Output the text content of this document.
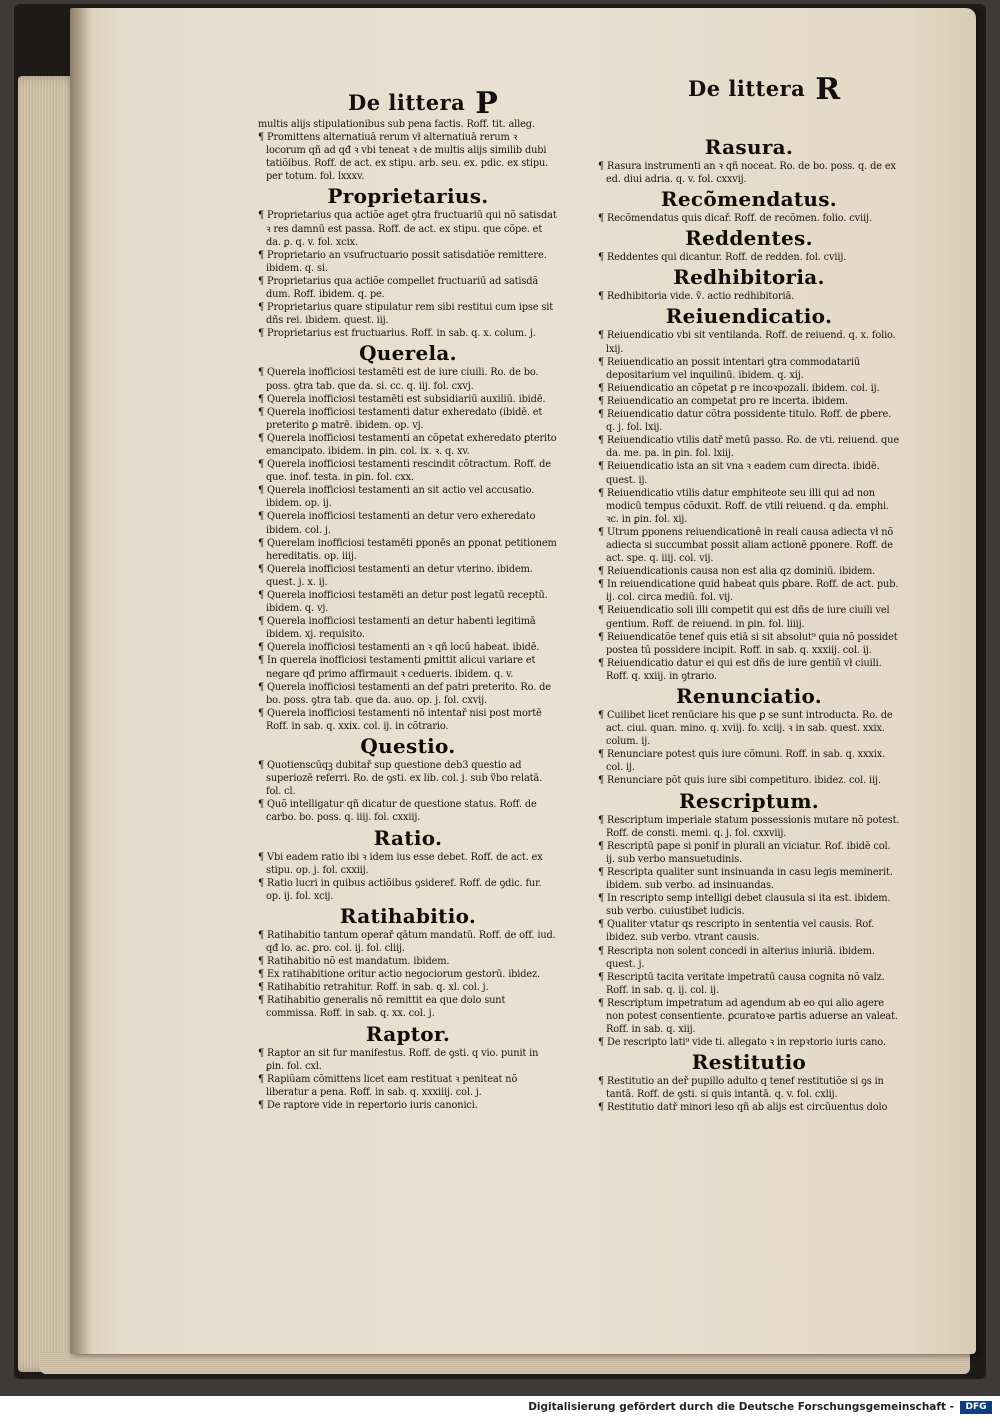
De littera P	De littera R
multis alijs stipulationibus sub pena factis. Roff. tit. alleg.
¶ Promittens alternatiuā rerum vł alternatiuā rerum ꝛ locorum qñ ad qđ ꝛ vbi teneat ꝛ de multis alijs similib dubi tatiõibus. Roff. de act. ex stipu. arb. seu. ex. pdic. ex stipu. per totum. fol. lxxxv.
Proprietarius.
¶ Proprietarius qua actiõe aget ꝯtra fructuariū qui nõ satisdat ꝛ res damnū est passa. Roff. de act. ex stipu. que cõpe. et da. ꝑ. q. v. fol. xcix.
¶ Proprietario an vsufructuario possit satisdatiõe remittere. ibidem. q. si.
¶ Proprietarius qua actiõe compellet fructuariū ad satisdã dum. Roff. ibidem. q. pe.
¶ Proprietarius quare stipulatur rem sibi restitui cum ipse sit dñs rei. ibidem. quest. iij.
¶ Proprietarius est fructuarius. Roff. in sab. q. x. colum. j.
Querela.
¶ Querela inofficiosi testamēti est de iure ciuili. Ro. de bo. poss. ꝯtra tab. que da. si. cc. q. iij. fol. cxvj.
¶ Querela inofficiosi testamēti est subsidiariū auxiliū. ibidē.
¶ Querela inofficiosi testamenti datur exheredato (ibidē. et preterito ꝑ matrē. ibidem. op. vj.
¶ Querela inofficiosi testamenti an cõpetat exheredato ꝑterito emancipato. ibidem. in ꝑin. col. ix. ꝛ. q. xv.
¶ Querela inofficiosi testamenti rescindit cõtractum. Roff. de que. inof. testa. in ꝑin. fol. cxx.
¶ Querela inofficiosi testamenti an sit actio vel accusatio. ibidem. op. ij.
¶ Querela inofficiosi testamenti an detur vero exheredato ibidem. col. j.
¶ Querelam inofficiosi testamēti ꝑponēs an ꝑponat petitionem hereditatis. op. iiij.
¶ Querela inofficiosi testamenti an detur vterino. ibidem. quest. j. x. ij.
¶ Querela inofficiosi testamēti an detur post legatū receptū. ibidem. q. vj.
¶ Querela inofficiosi testamenti an detur habenti legitimā ibidem. xj. requisito.
¶ Querela inofficiosi testamenti an ꝛ qñ locū habeat. ibidē.
¶ In querela inofficiosi testamenti ꝑmittit alicui variare et negare qđ primo affirmauit ꝛ cedueris. ibidem. q. v.
¶ Querela inofficiosi testamenti an def patri preterito. Ro. de bo. poss. ꝯtra tab. que da. auo. op. j. fol. cxvij.
¶ Querela inofficiosi testamenti nõ intentař nisi post mortē Roff. in sab. q. xxix. col. ij. in cõtrario.
Questio.
¶ Quotienscūqꝫ dubitař sup questione deb3 questio ad superiozē referri. Ro. de ꝯsti. ex lib. col. j. sub ṽbo relatā. fol. cl.
¶ Quõ intelligatur qñ dicatur de questione status. Roff. de carbo. bo. poss. q. iiij. fol. cxxiij.
Ratio.
¶ Vbi eadem ratio ibi ꝛ idem ius esse debet. Roff. de act. ex stipu. op. j. fol. cxxiij.
¶ Ratio lucri in quibus actiõibus ꝯsideref. Roff. de ꝯdic. fur. op. ij. fol. xcij.
Ratihabitio.
¶ Ratihabitio tantum operař qātum mandatū. Roff. de off. iud. qđ lo. ac. ꝑro. col. ij. fol. cliij.
¶ Ratihabitio nõ est mandatum. ibidem.
¶ Ex ratihabitione oritur actio negociorum gestorū. ibidez.
¶ Ratihabitio retrahitur. Roff. in sab. q. xl. col. j.
¶ Ratihabitio generalis nõ remittit ea que dolo sunt commissa. Roff. in sab. q. xx. col. j.
Raptor.
¶ Raptor an sit fur manifestus. Roff. de ꝯsti. q vio. punit in ꝑin. fol. cxl.
¶ Rapiũam cõmittens licet eam restituat ꝛ peniteat nõ liberatur a pena. Roff. in sab. q. xxxiiij. col. j.
¶ De raptore vide in repertorio iuris canonici.
Rasura.
¶ Rasura instrumenti an ꝛ qñ noceat. Ro. de bo. poss. q. de ex ed. diui adria. q. v. fol. cxxvij.
Recõmendatus.
¶ Recõmendatus quis dicař. Roff. de recõmen. folio. cviij.
Reddentes.
¶ Reddentes qui dicantur. Roff. de redden. fol. cviij.
Redhibitoria.
¶ Redhibitoria vide. ṽ. actio redhibitoriā.
Reiuendicatio.
¶ Reiuendicatio vbi sit ventilanda. Roff. de reiuend. q. x. folio. lxij.
¶ Reiuendicatio an possit intentari ꝯtra commodatariū depositarium vel inquilinū. ibidem. q. xij.
¶ Reiuendicatio an cõpetat ꝑ re incoꝛpozali. ibidem. col. ij.
¶ Reiuendicatio an competat ꝑro re incerta. ibidem.
¶ Reiuendicatio datur cõtra possidente titulo. Roff. de ꝑbere. q. j. fol. lxij.
¶ Reiuendicatio vtilis datř metū passo. Ro. de vti. reiuend. que da. me. pa. in ꝑin. fol. lxiij.
¶ Reiuendicatio ista an sit vna ꝛ eadem cum directa. ibidē. quest. ij.
¶ Reiuendicatio vtilis datur emphiteote seu illi qui ad non modicū tempus cõduxit. Roff. de vtili reiuend. q da. emphi. ꝛc. in ꝑin. fol. xij.
¶ Utrum ꝑponens reiuendicationē in reali causa adiecta vł nõ adiecta si succumbat possit aliam actionē ꝑponere. Roff. de act. spe. q. iiij. col. vij.
¶ Reiuendicationis causa non est alia qz dominiū. ibidem.
¶ In reiuendicatione quid habeat quis ꝑbare. Roff. de act. pub. ij. col. circa mediū. fol. vij.
¶ Reiuendicatio soli illi competit qui est dñs de iure ciuili vel gentium. Roff. de reiuend. in ꝑin. fol. liiij.
¶ Reiuendicatõe tenef quis etiā si sit absolut⁹ quia nõ possidet postea tū possidere incipit. Roff. in sab. q. xxxiij. col. ij.
¶ Reiuendicatio datur ei qui est dñs de iure gentiū vł ciuili. Roff. q. xxiij. in ꝯtrario.
Renunciatio.
¶ Cuilibet licet renūciare his que ꝑ se sunt introducta. Ro. de act. ciui. quan. mino. q. xviij. fo. xciij. ꝛ in sab. quest. xxix. colum. ij.
¶ Renunciare potest quis iure cõmuni. Roff. in sab. q. xxxix. col. ij.
¶ Renunciare põt quis iure sibi competituro. ibidez. col. iij.
Rescriptum.
¶ Rescriptum imperiale statum possessionis mutare nõ potest. Roff. de consti. memi. q. j. fol. cxxviij.
¶ Rescriptū pape si ponif in plurali an viciatur. Rof. ibidē col. ij. sub verbo mansuetudinis.
¶ Rescripta qualiter sunt insinuanda in casu legis meminerit. ibidem. sub verbo. ad insinuandas.
¶ In rescripto semp intelligi debet clausula si ita est. ibidem. sub verbo. cuiustibet iudicis.
¶ Qualiter vtatur qs rescripto in sententia vel causis. Rof. ibidez. sub verbo. vtrant causis.
¶ Rescripta non solent concedi in alterius iniuriā. ibidem. quest. j.
¶ Rescriptū tacita veritate impetratū causa cognita nõ valz. Roff. in sab. q. ij. col. ij.
¶ Rescriptum impetratum ad agendum ab eo qui alio agere non potest consentiente. ꝑcuratoꝛe partis aduerse an valeat. Roff. in sab. q. xiij.
¶ De rescripto lati⁹ vide ti. allegato ꝛ in repꝛtorio iuris cano.
Restitutio
¶ Restitutio an deř pupillo adulto q tenef restitutiõe si ꝯs in tantā. Roff. de ꝯsti. si quis intantā. q. v. fol. cxlij.
¶ Restitutio datř minori leso qñ ab alijs est circūuentus dolo
Digitalisierung gefördert durch die Deutsche Forschungsgemeinschaft -	DFG
